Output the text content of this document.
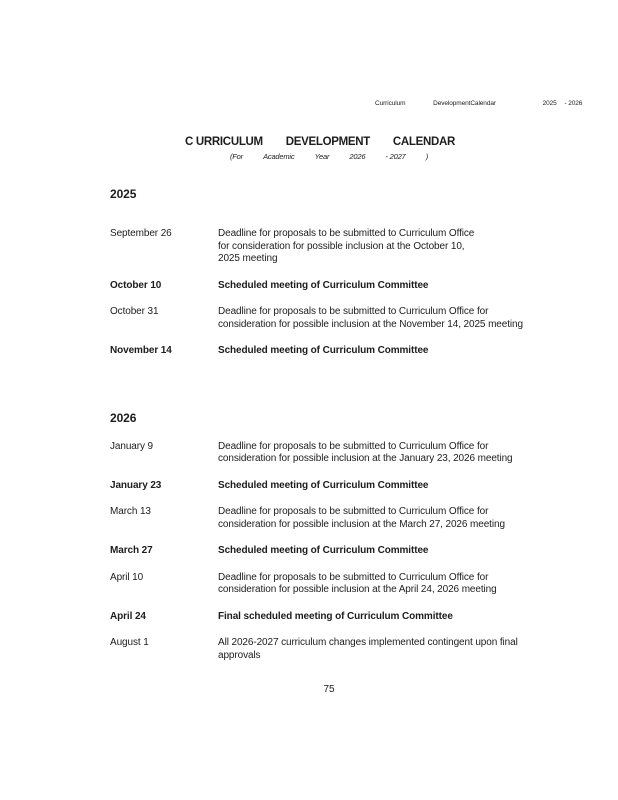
Curriculum	DevelopmentCalendar	2025 - 2026
C URRICULUM DEVELOPMENT CALENDAR
(For	Academic	Year	2026	- 2027	)
2025
September 26	Deadline for proposals to be submitted to Curriculum Office
for consideration for possible inclusion at the October 10,
2025 meeting
October 10	Scheduled meeting of Curriculum Committee
October 31	Deadline for proposals to be submitted to Curriculum Office for
consideration for possible inclusion at the November 14, 2025 meeting
November 14	Scheduled meeting of Curriculum Committee
2026
January 9	Deadline for proposals to be submitted to Curriculum Office for
consideration for possible inclusion at the January 23, 2026 meeting
January 23	Scheduled meeting of Curriculum Committee
March 13	Deadline for proposals to be submitted to Curriculum Office for
consideration for possible inclusion at the March 27, 2026 meeting
March 27	Scheduled meeting of Curriculum Committee
April 10	Deadline for proposals to be submitted to Curriculum Office for
consideration for possible inclusion at the April 24, 2026 meeting
April 24	Final scheduled meeting of Curriculum Committee
August 1	All 2026-2027 curriculum changes implemented contingent upon final
approvals
75
